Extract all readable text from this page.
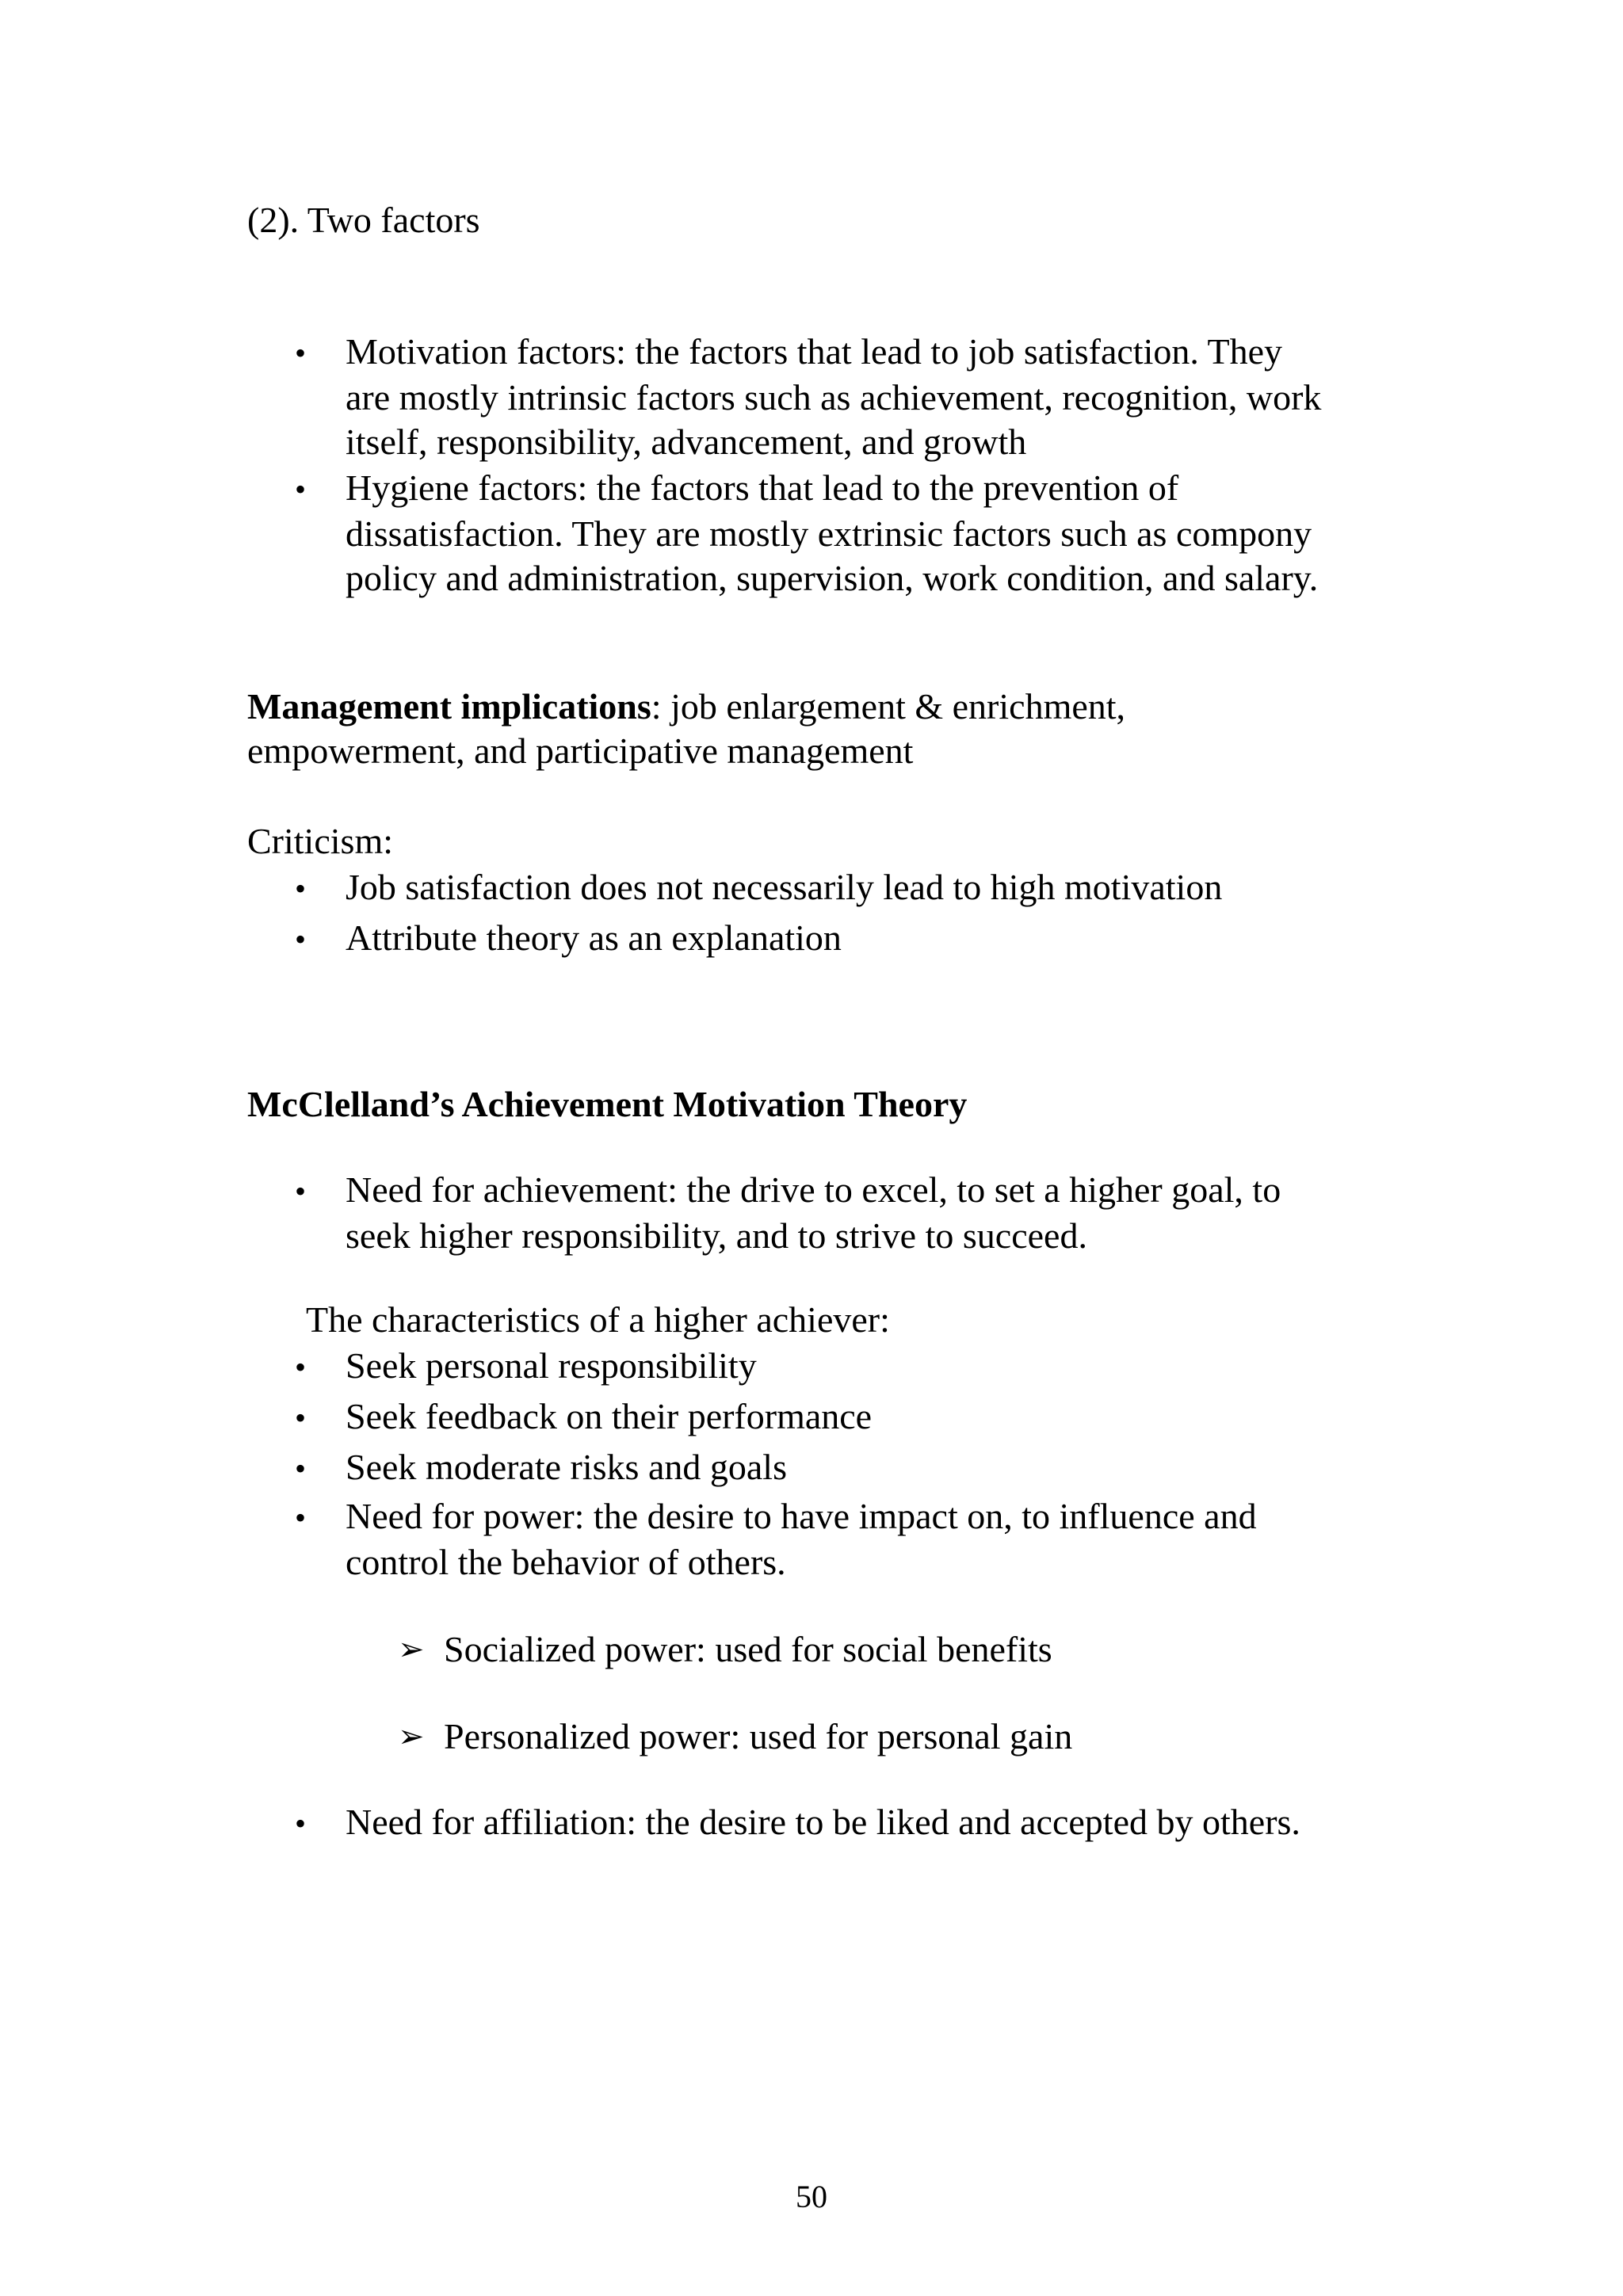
(2). Two factors

• Motivation factors: the factors that lead to job satisfaction. They

are mostly intrinsic factors such as achievement, recognition, work

itself, responsibility, advancement, and growth

• Hygiene factors: the factors that lead to the prevention of

dissatisfaction. They are mostly extrinsic factors such as compony

policy and administration, supervision, work condition, and salary.

Management implications: job enlargement & enrichment,

empowerment, and participative management

Criticism:

• Job satisfaction does not necessarily lead to high motivation

• Attribute theory as an explanation

McClelland’s Achievement Motivation Theory

• Need for achievement: the drive to excel, to set a higher goal, to

seek higher responsibility, and to strive to succeed.

The characteristics of a higher achiever:

• Seek personal responsibility

• Seek feedback on their performance

• Seek moderate risks and goals

• Need for power: the desire to have impact on, to influence and

control the behavior of others.

➢ Socialized power: used for social benefits

➢ Personalized power: used for personal gain

• Need for affiliation: the desire to be liked and accepted by others.

50
